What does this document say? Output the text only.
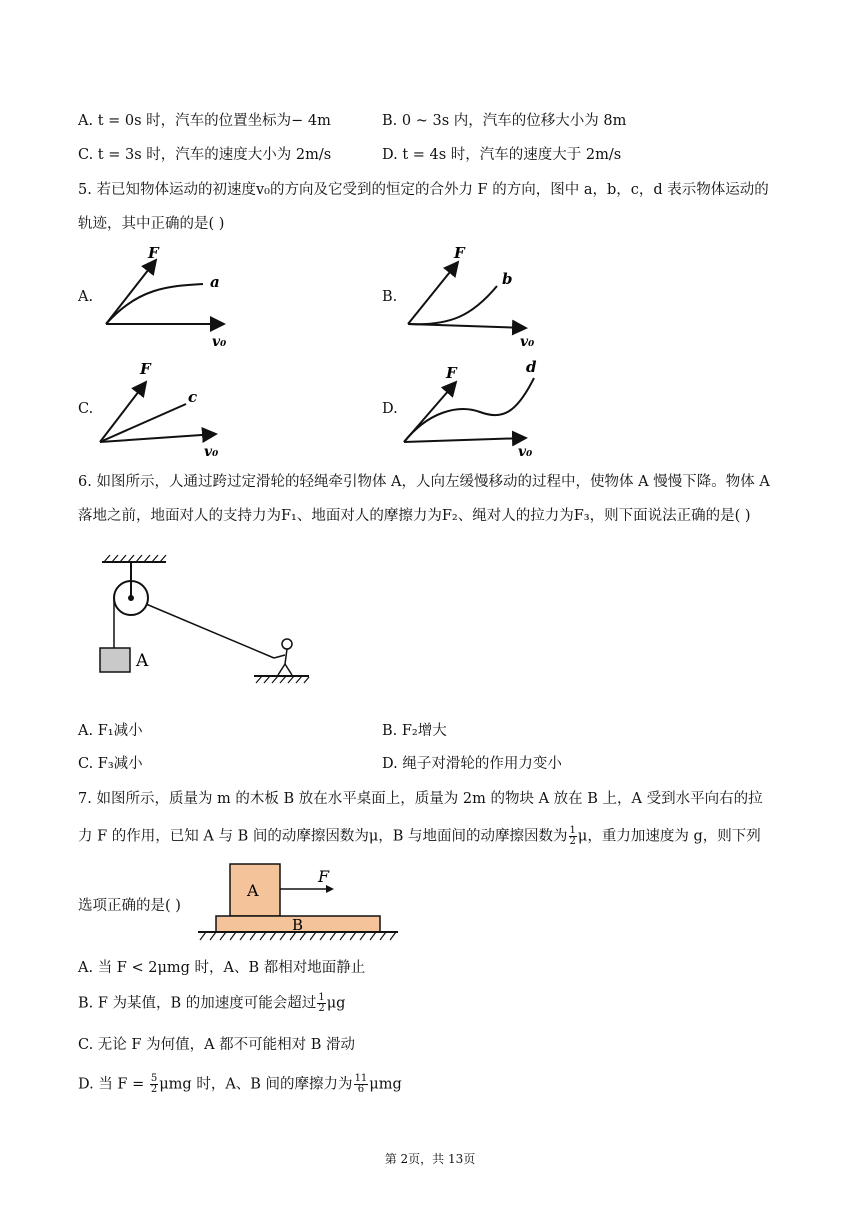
A. t = 0s 时，汽车的位置坐标为− 4m	B. 0 ~ 3s 内，汽车的位移大小为 8m
C. t = 3s 时，汽车的速度大小为 2m/s	D. t = 4s 时，汽车的速度大于 2m/s
5. 若已知物体运动的初速度v₀的方向及它受到的恒定的合外力 F 的方向，图中 a，b，c，d 表示物体运动的
轨迹，其中正确的是( )
A.
F
a
v₀
B.
F
b
v₀
C.
F
c
v₀
D.
F	d
v₀
6. 如图所示，人通过跨过定滑轮的轻绳牵引物体 A，人向左缓慢移动的过程中，使物体 A 慢慢下降。物体 A
落地之前，地面对人的支持力为F₁、地面对人的摩擦力为F₂、绳对人的拉力为F₃，则下面说法正确的是( )
A
A. F₁减小	B. F₂增大
C. F₃减小	D. 绳子对滑轮的作用力变小
7. 如图所示，质量为 m 的木板 B 放在水平桌面上，质量为 2m 的物块 A 放在 B 上，A 受到水平向右的拉
力 F 的作用，已知 A 与 B 间的动摩擦因数为μ，B 与地面间的动摩擦因数为 $\frac{1}{2}$ μ，重力加速度为 g，则下列
选项正确的是( )
A
F
B
A. 当 F < 2μmg 时，A、B 都相对地面静止
B. F 为某值，B 的加速度可能会超过 $\frac{1}{2}$ μg
C. 无论 F 为何值，A 都不可能相对 B 滑动
D. 当 $F = \frac{5}{2}$ μmg 时，A、B 间的摩擦力为 $\frac{11}{6}$ μmg
第 2页，共 13页
